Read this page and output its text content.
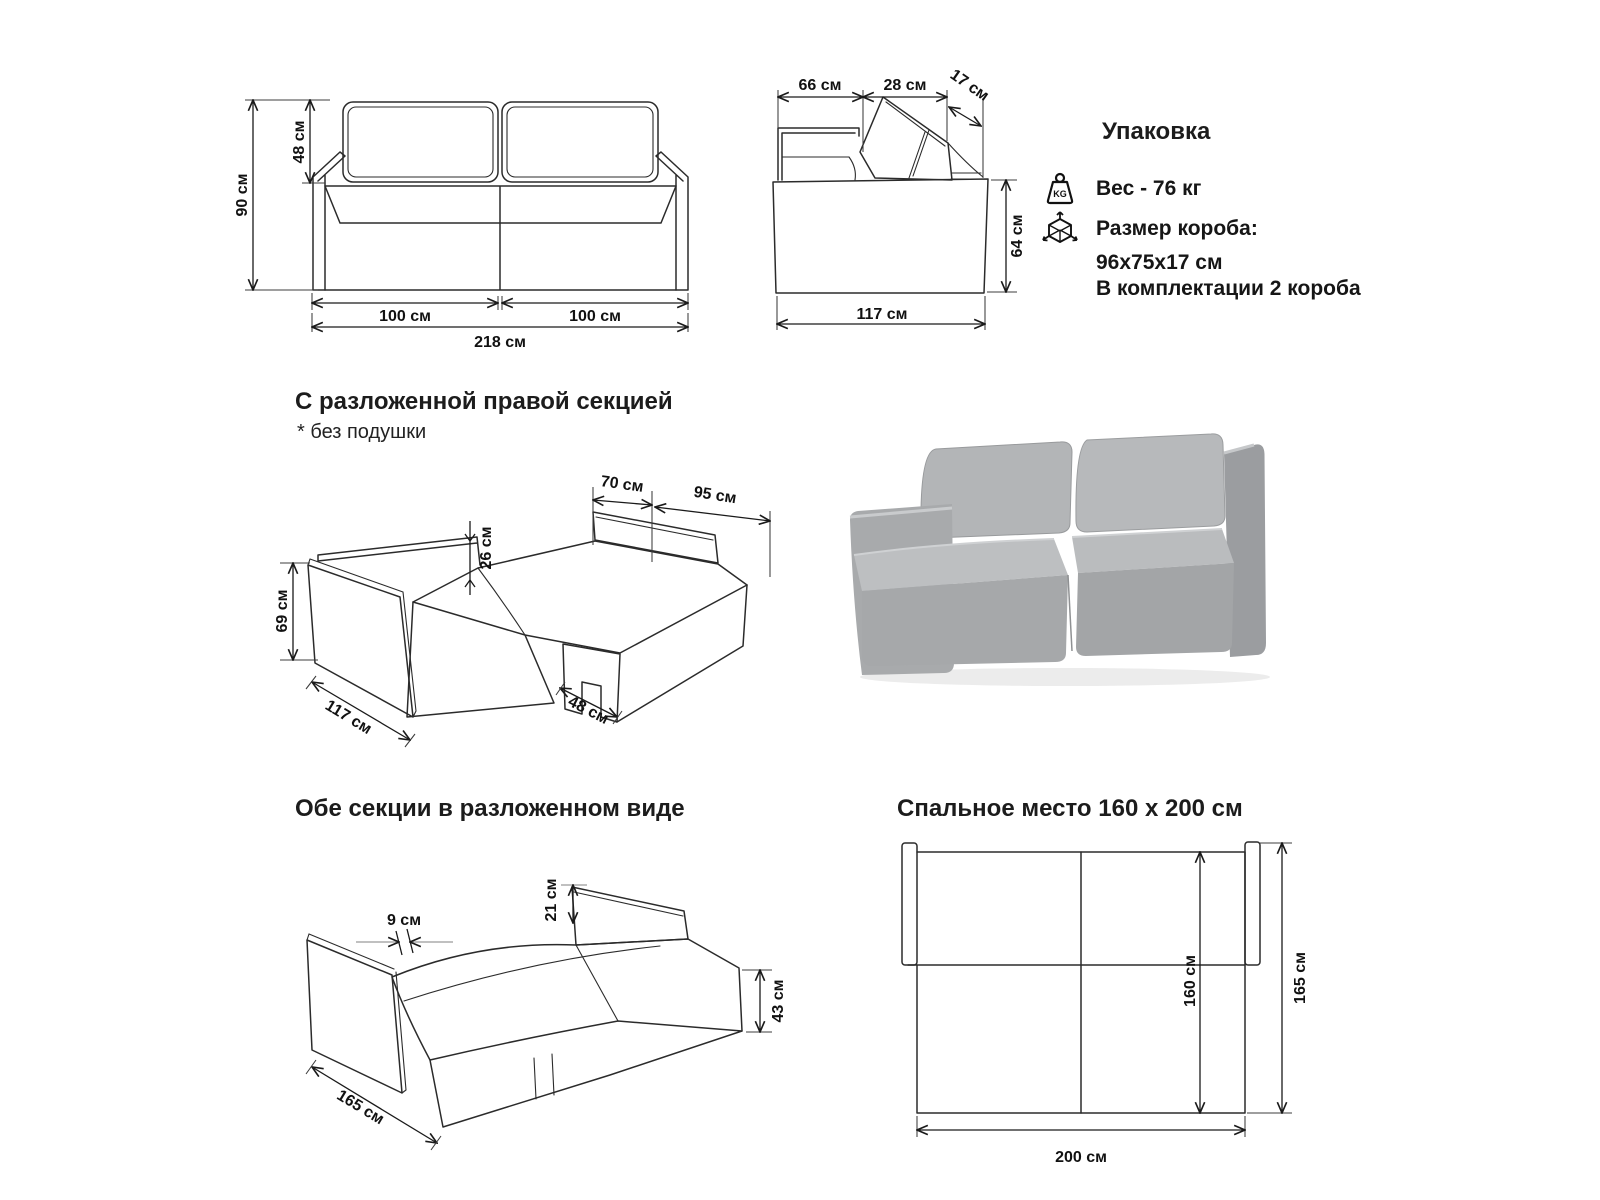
90 см
48 см
100 см	100 см
218 см
66 см	28 см 17 см
64 см
117 см
Упаковка
KG Вес - 76 кг
Размер короба:
96x75x17 см
В комплектации 2 короба
С разложенной правой секцией
* без подушки
70 см	95 см
26 см
69 см
117 см	48 см
Обе секции в разложенном виде
9 см	21 см
43 см
165 см
Спальное место 160 x 200 см
160 см	165 см
200 см
